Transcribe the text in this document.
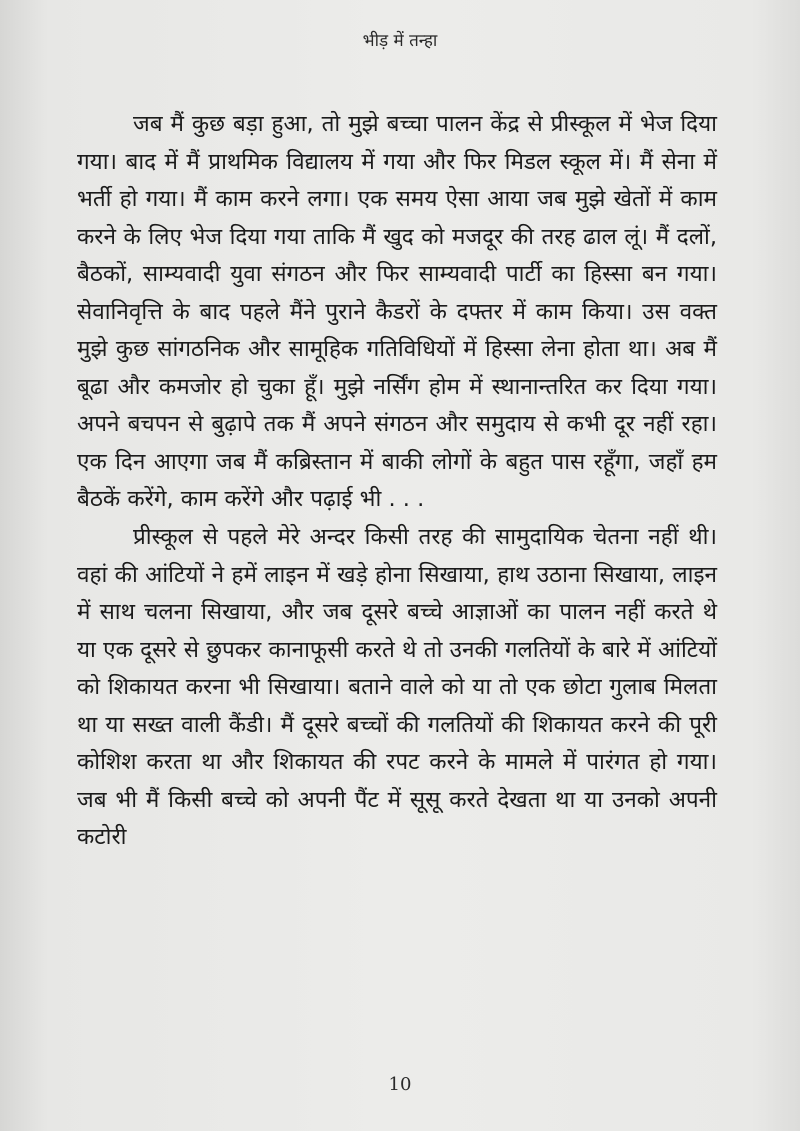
भीड़ में तन्हा

जब मैं कुछ बड़ा हुआ, तो मुझे बच्चा पालन केंद्र से प्रीस्कूल में भेज दिया गया। बाद में मैं प्राथमिक विद्यालय में गया और फिर मिडल स्कूल में। मैं सेना में भर्ती हो गया। मैं काम करने लगा। एक समय ऐसा आया जब मुझे खेतों में काम करने के लिए भेज दिया गया ताकि मैं खुद को मजदूर की तरह ढाल लूं। मैं दलों, बैठकों, साम्यवादी युवा संगठन और फिर साम्यवादी पार्टी का हिस्सा बन गया। सेवानिवृत्ति के बाद पहले मैंने पुराने कैडरों के दफ्तर में काम किया। उस वक्त मुझे कुछ सांगठनिक और सामूहिक गतिविधियों में हिस्सा लेना होता था। अब मैं बूढा और कमजोर हो चुका हूँ। मुझे नर्सिंग होम में स्थानान्तरित कर दिया गया। अपने बचपन से बुढ़ापे तक मैं अपने संगठन और समुदाय से कभी दूर नहीं रहा। एक दिन आएगा जब मैं कब्रिस्तान में बाकी लोगों के बहुत पास रहूँगा, जहाँ हम बैठकें करेंगे, काम करेंगे और पढ़ाई भी . . .

प्रीस्कूल से पहले मेरे अन्दर किसी तरह की सामुदायिक चेतना नहीं थी। वहां की आंटियों ने हमें लाइन में खड़े होना सिखाया, हाथ उठाना सिखाया, लाइन में साथ चलना सिखाया, और जब दूसरे बच्चे आज्ञाओं का पालन नहीं करते थे या एक दूसरे से छुपकर कानाफूसी करते थे तो उनकी गलतियों के बारे में आंटियों को शिकायत करना भी सिखाया। बताने वाले को या तो एक छोटा गुलाब मिलता था या सख्त वाली कैंडी। मैं दूसरे बच्चों की गलतियों की शिकायत करने की पूरी कोशिश करता था और शिकायत की रपट करने के मामले में पारंगत हो गया। जब भी मैं किसी बच्चे को अपनी पैंट में सूसू करते देखता था या उनको अपनी कटोरी

10
